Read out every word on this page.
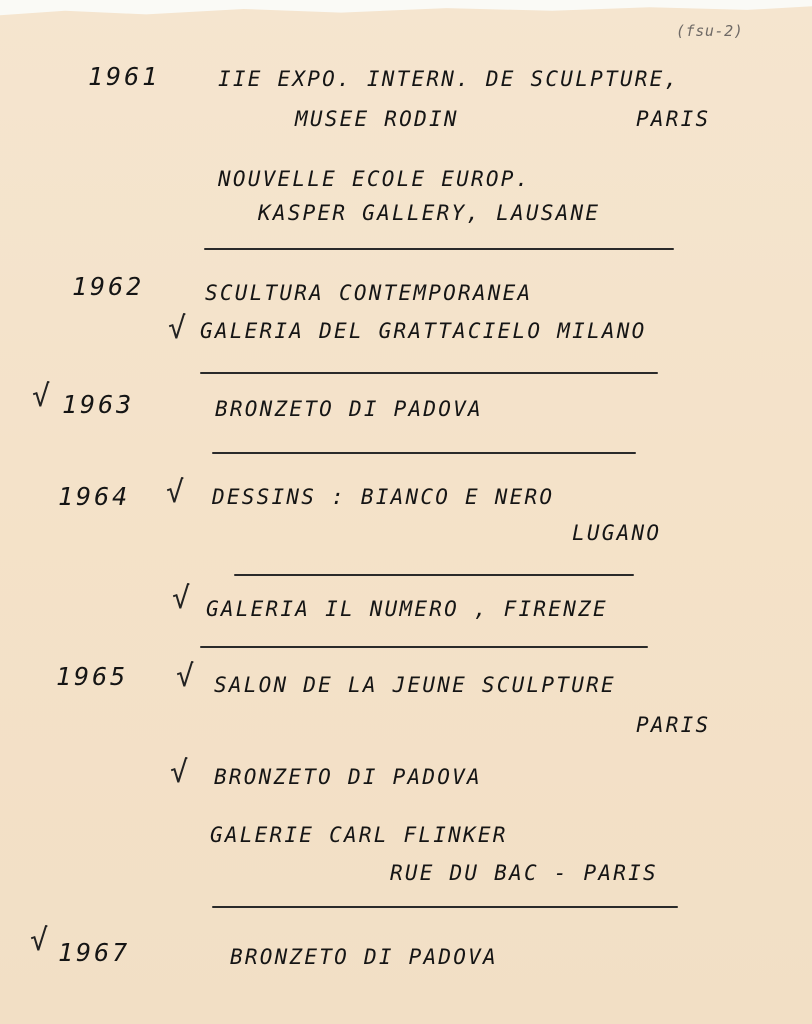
(fsu-2)
1961	IIE EXPO. INTERN. DE SCULPTURE,
MUSEE RODIN	PARIS
NOUVELLE ECOLE EUROP.
KASPER GALLERY, LAUSANE
1962	SCULTURA CONTEMPORANEA
√ GALERIA DEL GRATTACIELO MILANO
√ 1963	BRONZETO DI PADOVA
1964 √ DESSINS : BIANCO E NERO
LUGANO
√ GALERIA IL NUMERO , FIRENZE
1965 √ SALON DE LA JEUNE SCULPTURE
PARIS
√ BRONZETO DI PADOVA
GALERIE CARL FLINKER
RUE DU BAC - PARIS
√ 1967	BRONZETO DI PADOVA
